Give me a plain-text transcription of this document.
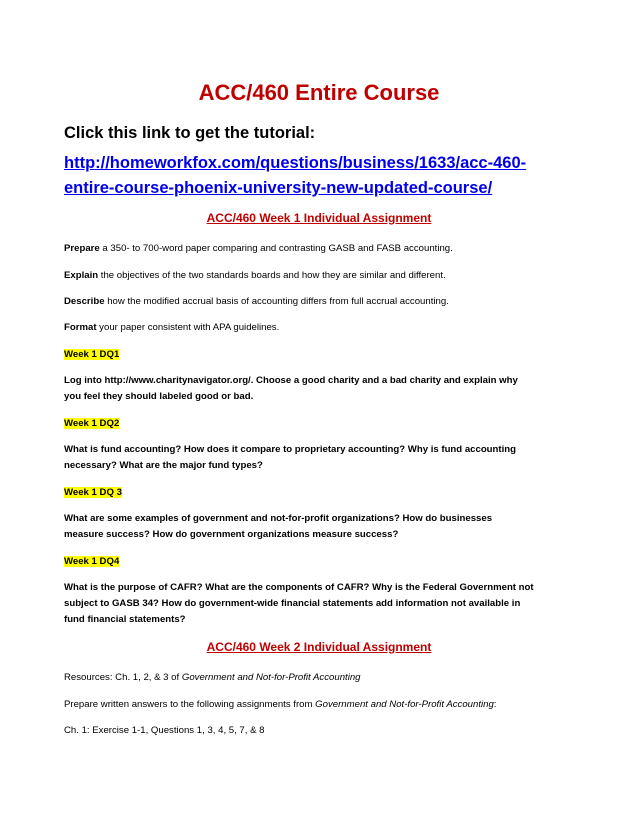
ACC/460 Entire Course
Click this link to get the tutorial:
http://homeworkfox.com/questions/business/1633/acc-460-
entire-course-phoenix-university-new-updated-course/
ACC/460 Week 1 Individual Assignment
Prepare a 350- to 700-word paper comparing and contrasting GASB and FASB accounting.
Explain the objectives of the two standards boards and how they are similar and different.
Describe how the modified accrual basis of accounting differs from full accrual accounting.
Format your paper consistent with APA guidelines.
Week 1 DQ1
Log into http://www.charitynavigator.org/. Choose a good charity and a bad charity and explain why
you feel they should labeled good or bad.
Week 1 DQ2
What is fund accounting? How does it compare to proprietary accounting? Why is fund accounting
necessary? What are the major fund types?
Week 1 DQ 3
What are some examples of government and not-for-profit organizations? How do businesses
measure success? How do government organizations measure success?
Week 1 DQ4
What is the purpose of CAFR? What are the components of CAFR? Why is the Federal Government not
subject to GASB 34? How do government-wide financial statements add information not available in
fund financial statements?
ACC/460 Week 2 Individual Assignment
Resources: Ch. 1, 2, & 3 of Government and Not-for-Profit Accounting
Prepare written answers to the following assignments from Government and Not-for-Profit Accounting:
Ch. 1: Exercise 1-1, Questions 1, 3, 4, 5, 7, & 8
